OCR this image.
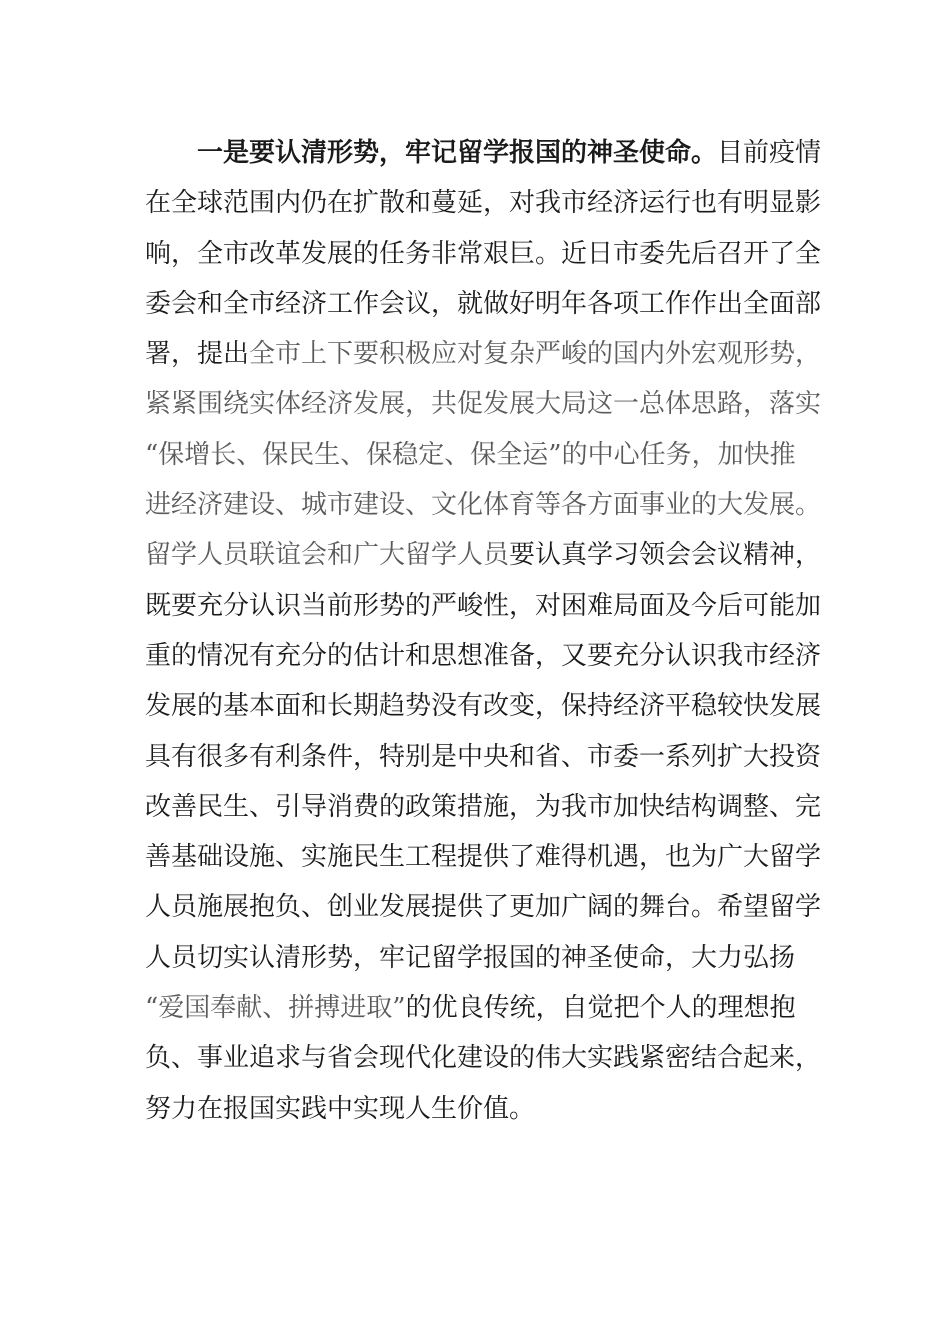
一是要认清形势，牢记留学报国的神圣使命。目前疫情
在全球范围内仍在扩散和蔓延，对我市经济运行也有明显影
响，全市改革发展的任务非常艰巨。近日市委先后召开了全
委会和全市经济工作会议，就做好明年各项工作作出全面部
署，提出全市上下要积极应对复杂严峻的国内外宏观形势，
紧紧围绕实体经济发展，共促发展大局这一总体思路，落实
“保增长、保民生、保稳定、保全运”的中心任务，加快推
进经济建设、城市建设、文化体育等各方面事业的大发展。
留学人员联谊会和广大留学人员要认真学习领会会议精神，
既要充分认识当前形势的严峻性，对困难局面及今后可能加
重的情况有充分的估计和思想准备，又要充分认识我市经济
发展的基本面和长期趋势没有改变，保持经济平稳较快发展
具有很多有利条件，特别是中央和省、市委一系列扩大投资
改善民生、引导消费的政策措施，为我市加快结构调整、完
善基础设施、实施民生工程提供了难得机遇，也为广大留学
人员施展抱负、创业发展提供了更加广阔的舞台。希望留学
人员切实认清形势，牢记留学报国的神圣使命，大力弘扬
“爱国奉献、拼搏进取”的优良传统，自觉把个人的理想抱
负、事业追求与省会现代化建设的伟大实践紧密结合起来，
努力在报国实践中实现人生价值。
